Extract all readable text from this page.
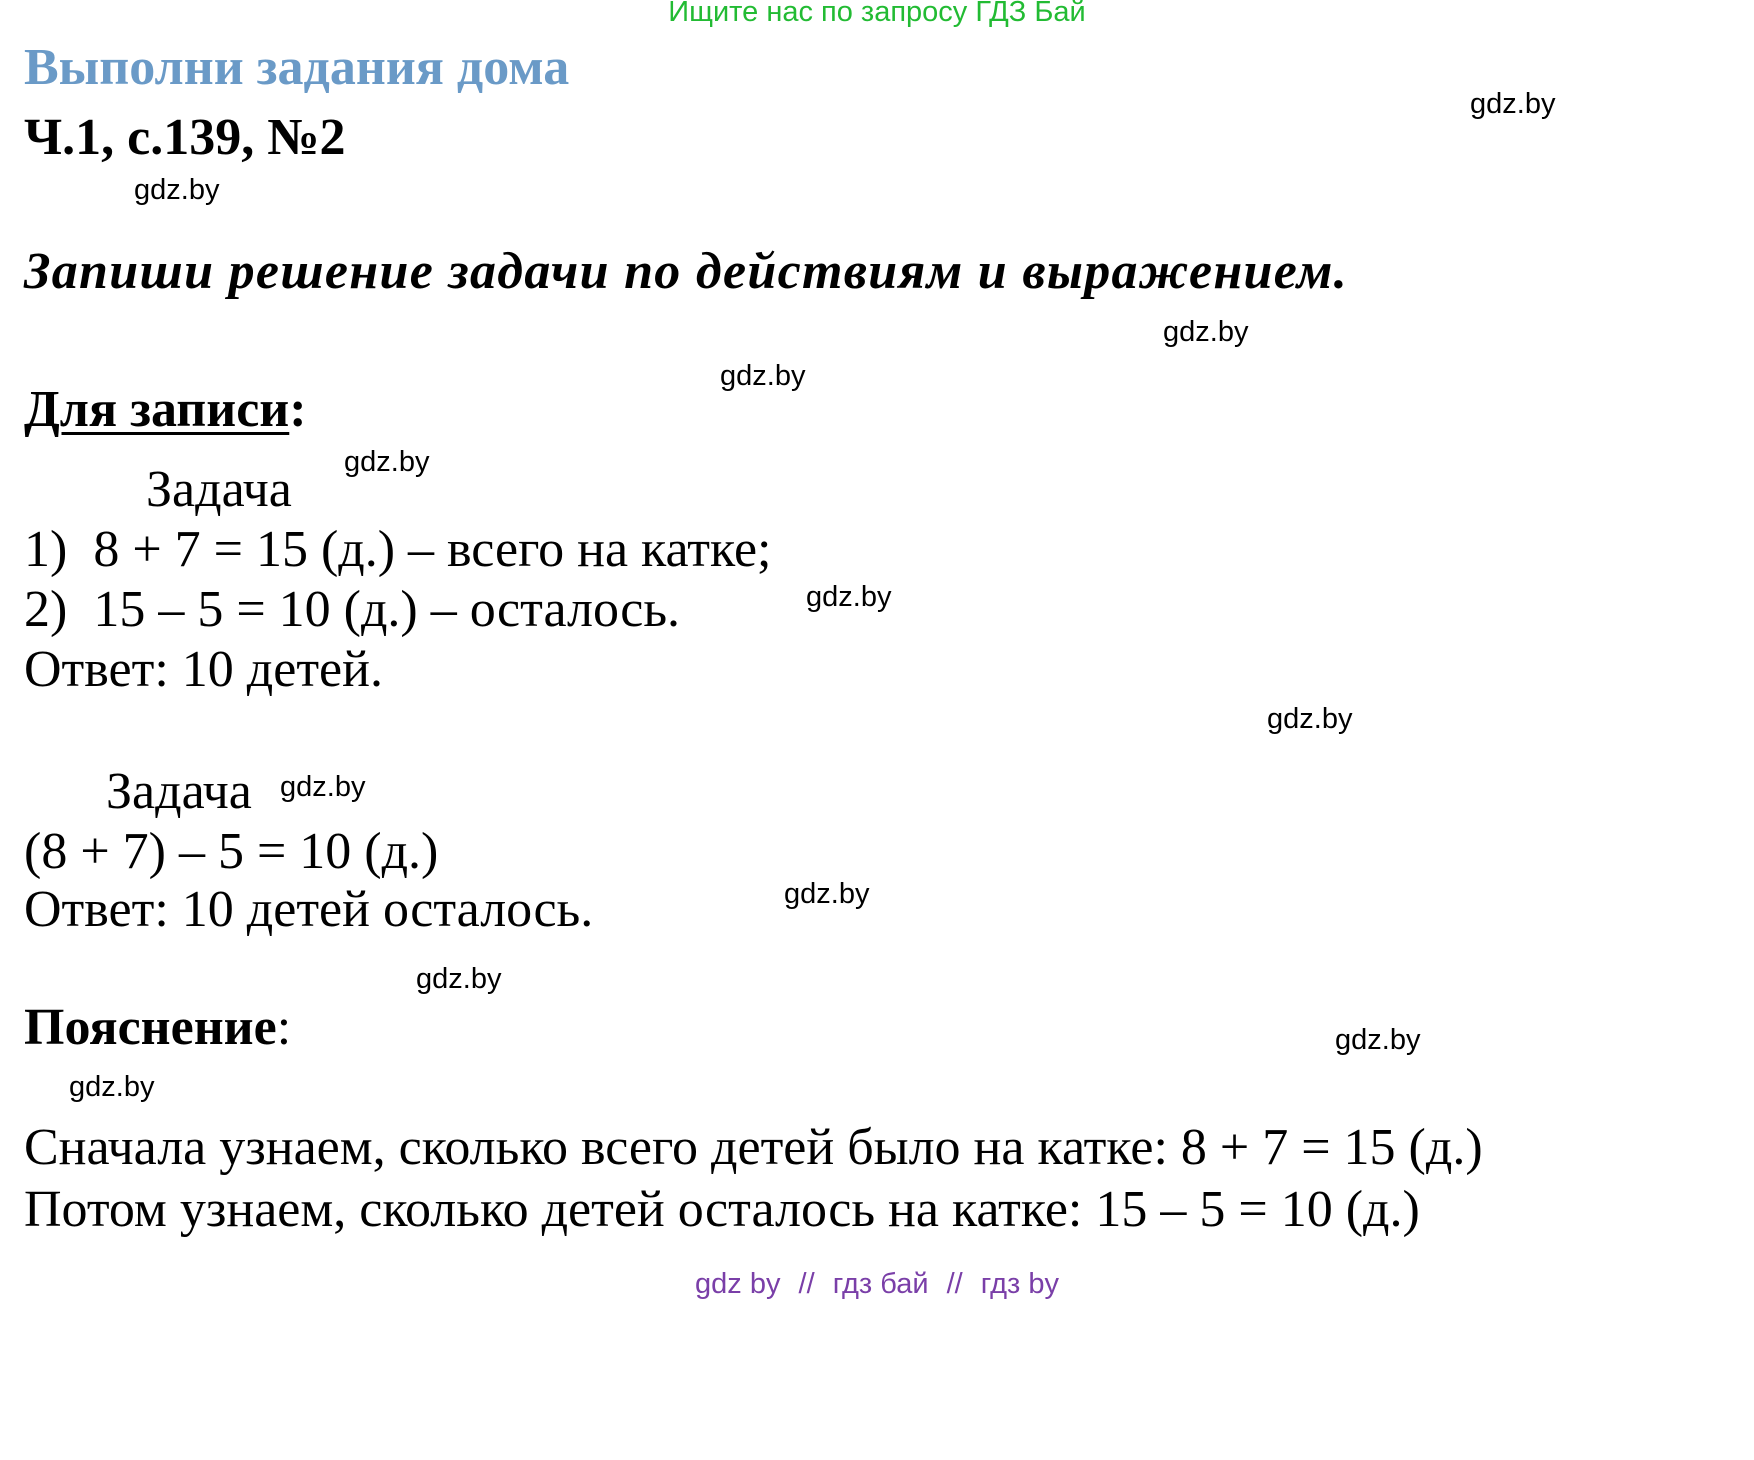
Ищите нас по запросу ГДЗ Бай
Выполни задания дома
Ч.1, с.139, №2
Запиши решение задачи по действиям и выражением.
Для записи:
Задача
1)  8 + 7 = 15 (д.) – всего на катке;
2)  15 – 5 = 10 (д.) – осталось.
Ответ: 10 детей.
Задача
(8 + 7) – 5 = 10 (д.)
Ответ: 10 детей осталось.
Пояснение:
Сначала узнаем, сколько всего детей было на катке: 8 + 7 = 15 (д.)
Потом узнаем, сколько детей осталось на катке: 15 – 5 = 10 (д.)
gdz.by
gdz.by
gdz.by
gdz.by
gdz.by
gdz.by
gdz.by
gdz.by
gdz.by
gdz.by
gdz.by
gdz.by
gdz by // гдз бай // гдз by
